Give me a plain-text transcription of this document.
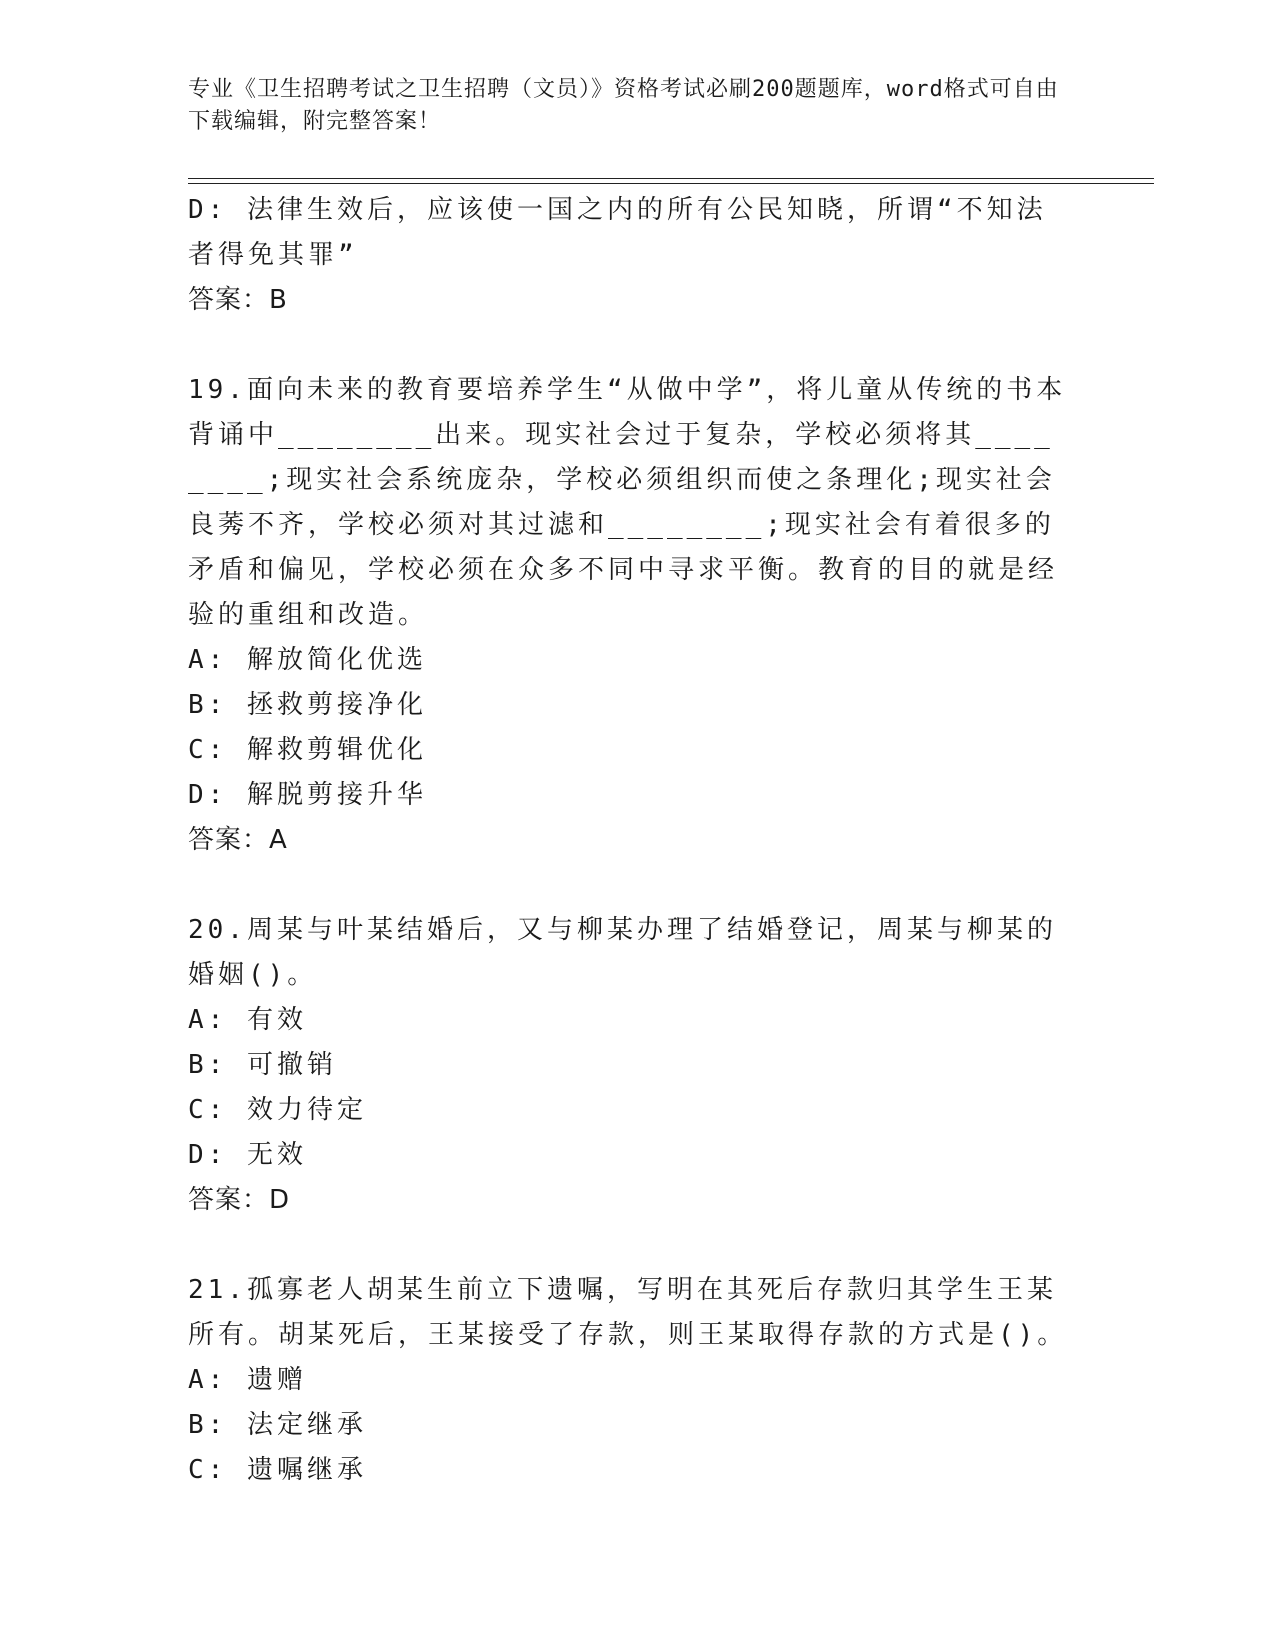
专业《卫生招聘考试之卫生招聘（文员）》资格考试必刷200题题库，word格式可自由下载编辑，附完整答案！
D: 法律生效后，应该使一国之内的所有公民知晓，所谓“不知法者得免其罪”
答案：B
19.面向未来的教育要培养学生“从做中学”，将儿童从传统的书本背诵中________出来。现实社会过于复杂，学校必须将其________;现实社会系统庞杂，学校必须组织而使之条理化;现实社会良莠不齐，学校必须对其过滤和________;现实社会有着很多的矛盾和偏见，学校必须在众多不同中寻求平衡。教育的目的就是经验的重组和改造。
A: 解放简化优选
B: 拯救剪接净化
C: 解救剪辑优化
D: 解脱剪接升华
答案：A
20.周某与叶某结婚后，又与柳某办理了结婚登记，周某与柳某的婚姻()。
A: 有效
B: 可撤销
C: 效力待定
D: 无效
答案：D
21.孤寡老人胡某生前立下遗嘱，写明在其死后存款归其学生王某所有。胡某死后，王某接受了存款，则王某取得存款的方式是()。
A: 遗赠
B: 法定继承
C: 遗嘱继承
